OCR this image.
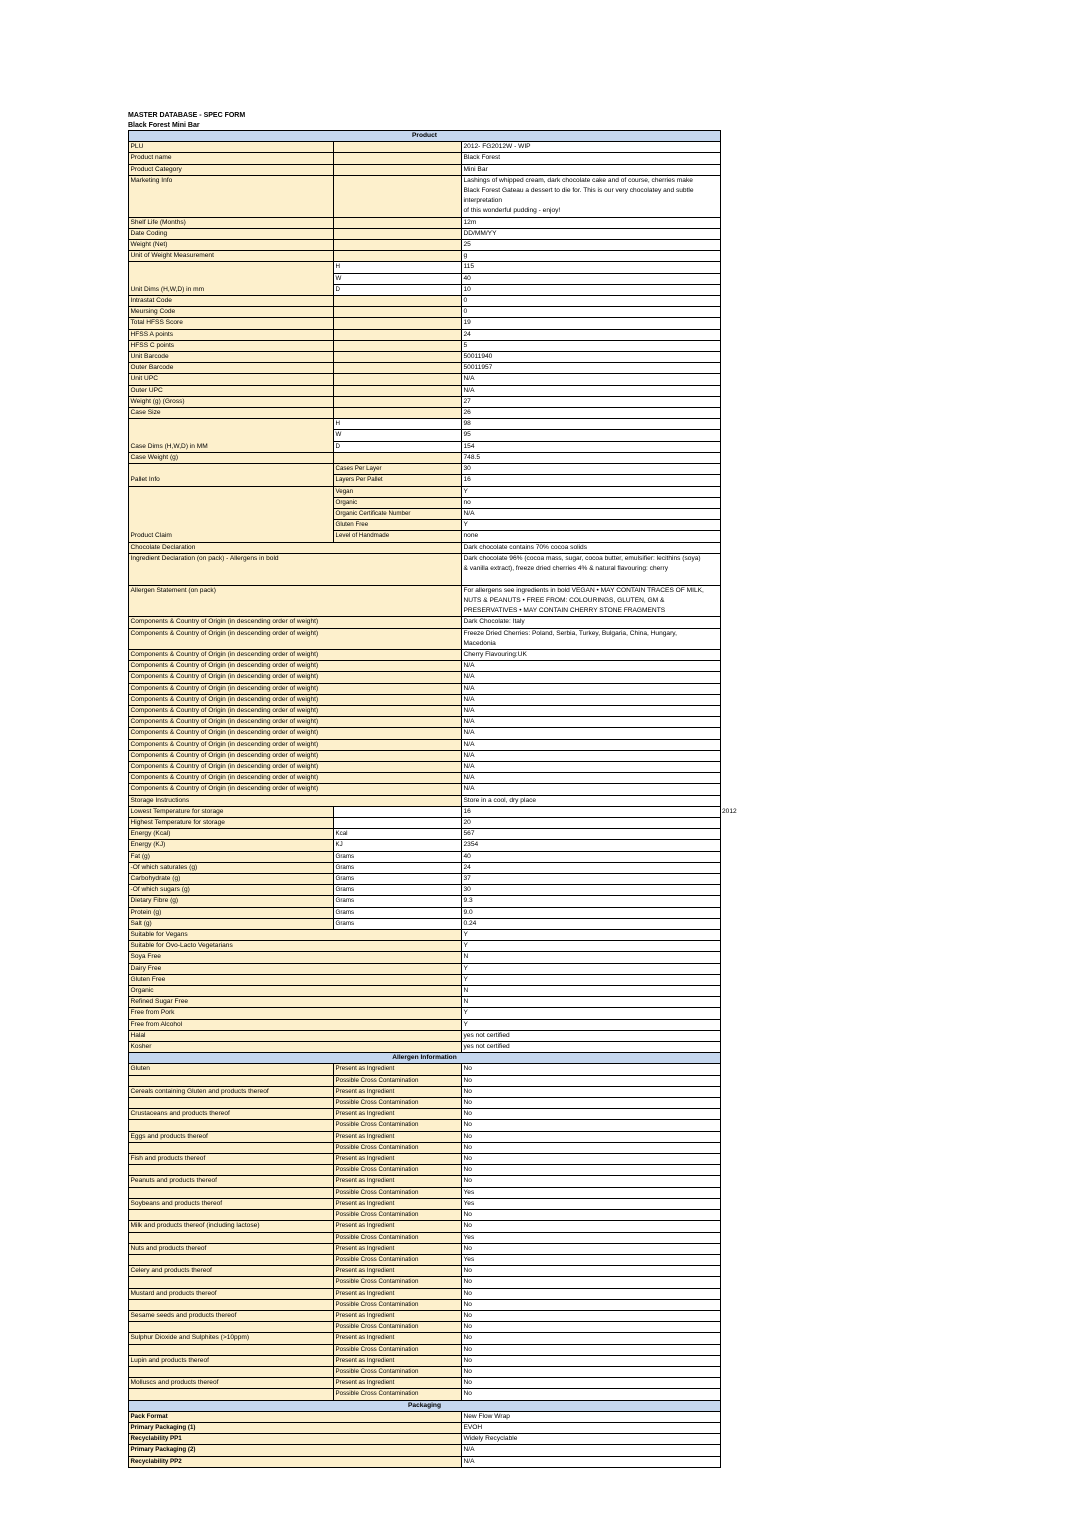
MASTER DATABASE - SPEC FORM
Black Forest Mini Bar
Product		
PLU		2012- FG2012W - WIP
Product name		Black Forest
Product Category		Mini Bar
Marketing Info		Lashings of whipped cream, dark chocolate cake and of course, cherries make
Black Forest Gateau a dessert to die for. This is our very chocolatey and subtle
interpretation
of this wonderful pudding - enjoy!

Shelf Life (Months)		12m
Date Coding		DD/MM/YY
Weight (Net)		25
Unit of Weight Measurement		g
Unit Dims (H,W,D) in mm	H	115
	W	40
	D	10
Intrastat Code		0
Meursing Code		0
Total HFSS Score		19
HFSS A points		24
HFSS C points		5
Unit Barcode		50011940
Outer Barcode		50011957
Unit UPC		N/A
Outer UPC		N/A
Weight (g) (Gross)		27
Case Size		26
Case Dims (H,W,D) in MM	H	98
	W	95
	D	154
Case Weight (g)		748.5
Pallet Info	Cases Per Layer	30
	Layers Per Pallet	16
Product Claim	Vegan	Y
	Organic	no
	Organic Certificate Number	N/A
	Gluten Free	Y
	Level of Handmade	none
Chocolate Declaration		Dark chocolate contains 70% cocoa solids
Ingredient Declaration (on pack) - Allergens in bold		Dark chocolate 96% (cocoa mass, sugar, cocoa butter, emulsifier: lecithins (soya)
& vanilla extract), freeze dried cherries 4% & natural flavouring: cherry

Allergen Statement (on pack)		For allergens see ingredients in bold VEGAN • MAY CONTAIN TRACES OF MILK,
NUTS & PEANUTS • FREE FROM: COLOURINGS, GLUTEN, GM &
PRESERVATIVES • MAY CONTAIN CHERRY STONE FRAGMENTS

Components & Country of Origin (in descending order of weight)		Dark Chocolate: Italy
Components & Country of Origin (in descending order of weight)		Freeze Dried Cherries: Poland, Serbia, Turkey, Bulgaria, China, Hungary,
Macedonia

Components & Country of Origin (in descending order of weight)		Cherry Flavouring:UK
Components & Country of Origin (in descending order of weight)		N/A
Components & Country of Origin (in descending order of weight)		N/A
Components & Country of Origin (in descending order of weight)		N/A
Components & Country of Origin (in descending order of weight)		N/A
Components & Country of Origin (in descending order of weight)		N/A
Components & Country of Origin (in descending order of weight)		N/A
Components & Country of Origin (in descending order of weight)		N/A
Components & Country of Origin (in descending order of weight)		N/A
Components & Country of Origin (in descending order of weight)		N/A
Components & Country of Origin (in descending order of weight)		N/A
Components & Country of Origin (in descending order of weight)		N/A
Components & Country of Origin (in descending order of weight)		N/A
Storage Instructions		Store in a cool, dry place
Lowest Temperature for storage		16
Highest Temperature for storage		20
Energy (Kcal)	Kcal	567
Energy (KJ)	KJ	2354
Fat (g)	Grams	40
-Of which saturates (g)	Grams	24
Carbohydrate (g)	Grams	37
-Of which sugars (g)	Grams	30
Dietary Fibre (g)	Grams	9.3
Protein (g)	Grams	9.0
Salt (g)	Grams	0.24
Suitable for Vegans		Y
Suitable for Ovo-Lacto Vegetarians		Y
Soya Free		N
Dairy Free		Y
Gluten Free		Y
Organic		N
Refined Sugar Free		N
Free from Pork		Y
Free from Alcohol		Y
Halal		yes not certified
Kosher		yes not certified
Allergen Information		
Gluten	Present as Ingredient	No
	Possible Cross Contamination	No
Cereals containing Gluten and products thereof	Present as Ingredient	No
	Possible Cross Contamination	No
Crustaceans and products thereof	Present as Ingredient	No
	Possible Cross Contamination	No
Eggs and products thereof	Present as Ingredient	No
	Possible Cross Contamination	No
Fish and products thereof	Present as Ingredient	No
	Possible Cross Contamination	No
Peanuts and products thereof	Present as Ingredient	No
	Possible Cross Contamination	Yes
Soybeans and products thereof	Present as Ingredient	Yes
	Possible Cross Contamination	No
Milk and products thereof (including lactose)	Present as Ingredient	No
	Possible Cross Contamination	Yes
Nuts and products thereof	Present as Ingredient	No
	Possible Cross Contamination	Yes
Celery and products thereof	Present as Ingredient	No
	Possible Cross Contamination	No
Mustard and products thereof	Present as Ingredient	No
	Possible Cross Contamination	No
Sesame seeds and products thereof	Present as Ingredient	No
	Possible Cross Contamination	No
Sulphur Dioxide and Sulphites (>10ppm)	Present as Ingredient	No
	Possible Cross Contamination	No
Lupin and products thereof	Present as Ingredient	No
	Possible Cross Contamination	No
Molluscs and products thereof	Present as Ingredient	No
	Possible Cross Contamination	No
Packaging		
Pack Format		New Flow Wrap
Primary Packaging (1)		EVOH
Recyclability PP1		Widely Recyclable
Primary Packaging (2)		N/A
Recyclability PP2		N/A
2012
